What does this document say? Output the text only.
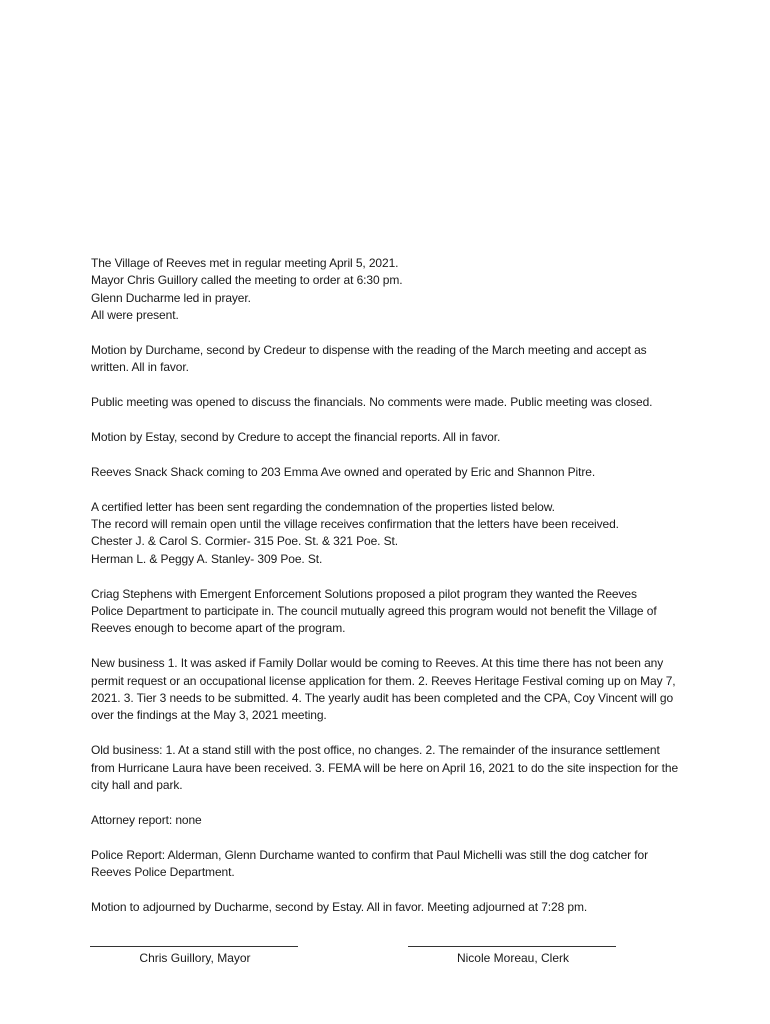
The Village of Reeves met in regular meeting April 5, 2021.

Mayor Chris Guillory called the meeting to order at 6:30 pm.

Glenn Ducharme led in prayer.

All were present.

Motion by Durchame, second by Credeur to dispense with the reading of the March meeting and accept as

written. All in favor.

Public meeting was opened to discuss the financials. No comments were made. Public meeting was closed.

Motion by Estay, second by Credure to accept the financial reports. All in favor.

Reeves Snack Shack coming to 203 Emma Ave owned and operated by Eric and Shannon Pitre.

A certified letter has been sent regarding the condemnation of the properties listed below.

The record will remain open until the village receives confirmation that the letters have been received.

Chester J. & Carol S. Cormier- 315 Poe. St. & 321 Poe. St.

Herman L. & Peggy A. Stanley- 309 Poe. St.

Criag Stephens with Emergent Enforcement Solutions proposed a pilot program they wanted the Reeves

Police Department to participate in. The council mutually agreed this program would not benefit the Village of

Reeves enough to become apart of the program.

New business 1. It was asked if Family Dollar would be coming to Reeves. At this time there has not been any

permit request or an occupational license application for them. 2. Reeves Heritage Festival coming up on May 7,

2021. 3. Tier 3 needs to be submitted. 4. The yearly audit has been completed and the CPA, Coy Vincent will go

over the findings at the May 3, 2021 meeting.

Old business: 1. At a stand still with the post office, no changes. 2. The remainder of the insurance settlement

from Hurricane Laura have been received. 3. FEMA will be here on April 16, 2021 to do the site inspection for the

city hall and park.

Attorney report: none

Police Report: Alderman, Glenn Durchame wanted to confirm that Paul Michelli was still the dog catcher for

Reeves Police Department.

Motion to adjourned by Ducharme, second by Estay. All in favor. Meeting adjourned at 7:28 pm.

Chris Guillory, Mayor	Nicole Moreau, Clerk
